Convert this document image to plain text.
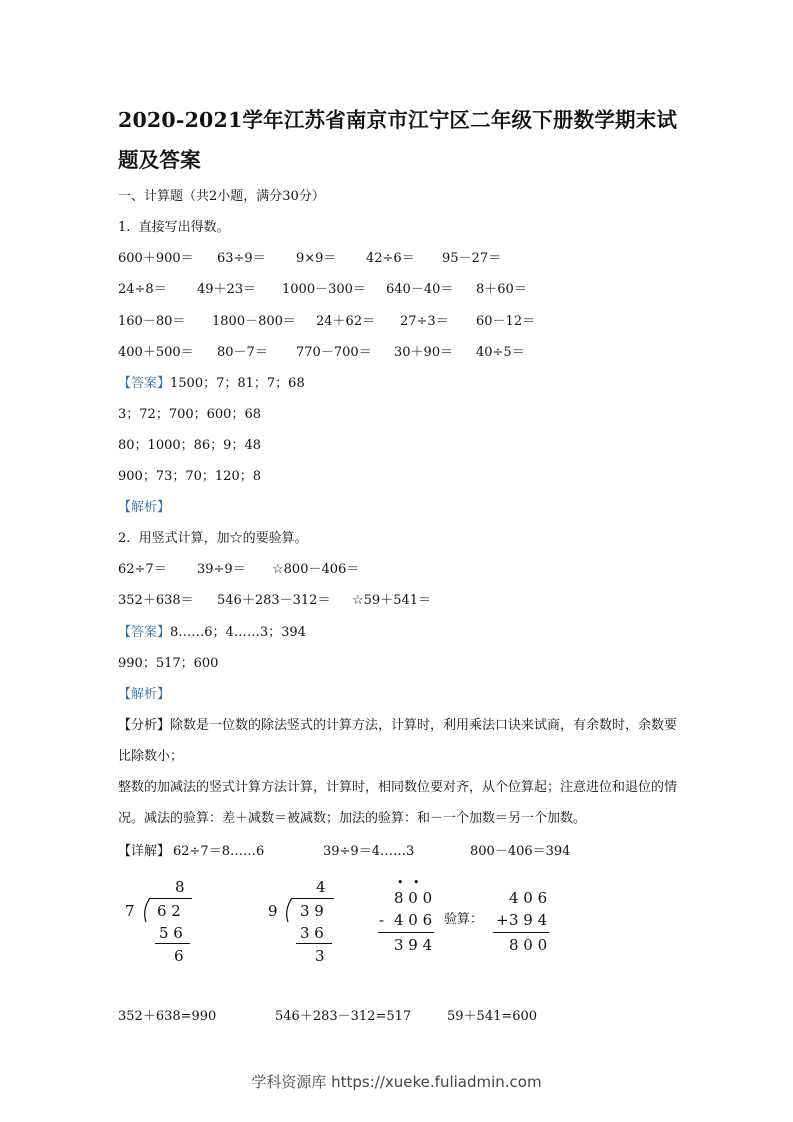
2020-2021学年江苏省南京市江宁区二年级下册数学期末试题及答案
一、计算题（共2小题，满分30分）
1.  直接写出得数。
600＋900＝ 63÷9＝ 9×9＝ 42÷6＝ 95－27＝
24÷8＝ 49＋23＝ 1000－300＝ 640－40＝ 8＋60＝
160－80＝ 1800－800＝ 24＋62＝ 27÷3＝ 60－12＝
400＋500＝ 80－7＝ 770－700＝ 30＋90＝ 40÷5＝
【答案】1500；7；81；7；68
3；72；700；600；68
80；1000；86；9；48
900；73；70；120；8
【解析】
2.  用竖式计算，加☆的要验算。
62÷7＝ 39÷9＝ ☆800－406＝
352＋638＝ 546＋283－312＝ ☆59＋541＝
【答案】8……6；4……3；394
990；517；600
【解析】
【分析】除数是一位数的除法竖式的计算方法，计算时，利用乘法口诀来试商，有余数时，余数要比除数小；
整数的加减法的竖式计算方法计算，计算时，相同数位要对齐，从个位算起；注意进位和退位的情况。减法的验算：差＋减数＝被减数；加法的验算：和－一个加数＝另一个加数。
【详解】 62÷7＝8……6	39÷9＝4……3	800－406＝394
8
7 6 2
5 6
6
4
9 3 9
3 6
3
• •
8 0 0
- 4 0 6
3 9 4
验算：
4 0 6
+ 3 9 4
8 0 0
352＋638=990	546＋283－312=517	59＋541=600
学科资源库 https://xueke.fuliadmin.com
